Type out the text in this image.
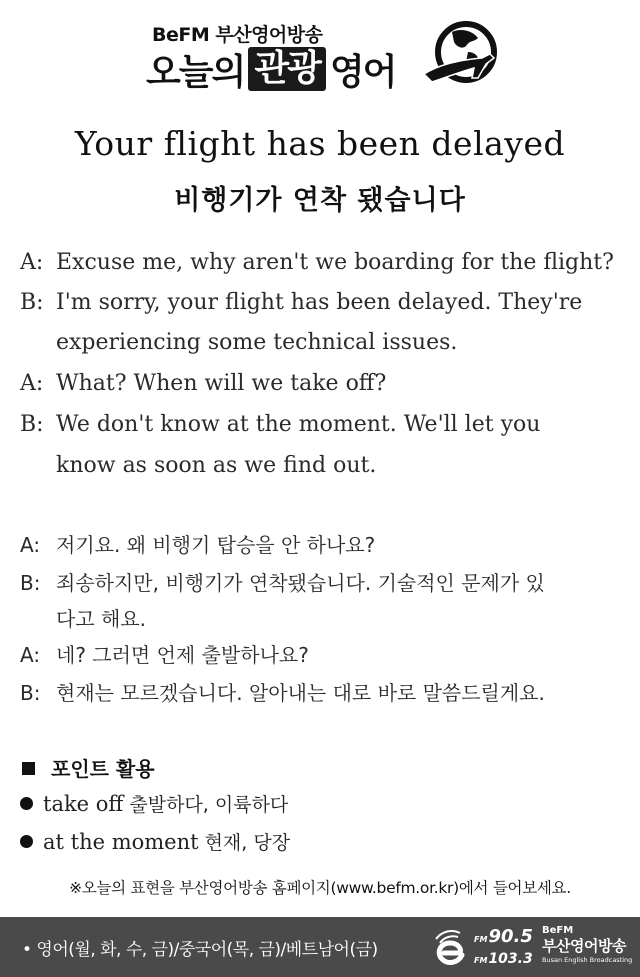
BeFM 부산영어방송
오늘의 관광 영어
Your flight has been delayed
비행기가 연착 됐습니다
A: Excuse me, why aren't we boarding for the flight?
B: I'm sorry, your flight has been delayed. They're
experiencing some technical issues.
A: What? When will we take off?
B: We don't know at the moment. We'll let you
know as soon as we find out.
A: 저기요. 왜 비행기 탑승을 안 하나요?
B: 죄송하지만, 비행기가 연착됐습니다. 기술적인 문제가 있
다고 해요.
A: 네? 그러면 언제 출발하나요?
B: 현재는 모르겠습니다. 알아내는 대로 바로 말씀드릴게요.
포인트 활용
take off 출발하다, 이륙하다
at the moment 현재, 당장
※오늘의 표현을 부산영어방송 홈페이지(www.befm.or.kr)에서 들어보세요.
• 영어(월, 화, 수, 금)/중국어(목, 금)/베트남어(금)
FM90.5
FM103.3
BeFM
부산영어방송
Busan English Broadcasting
